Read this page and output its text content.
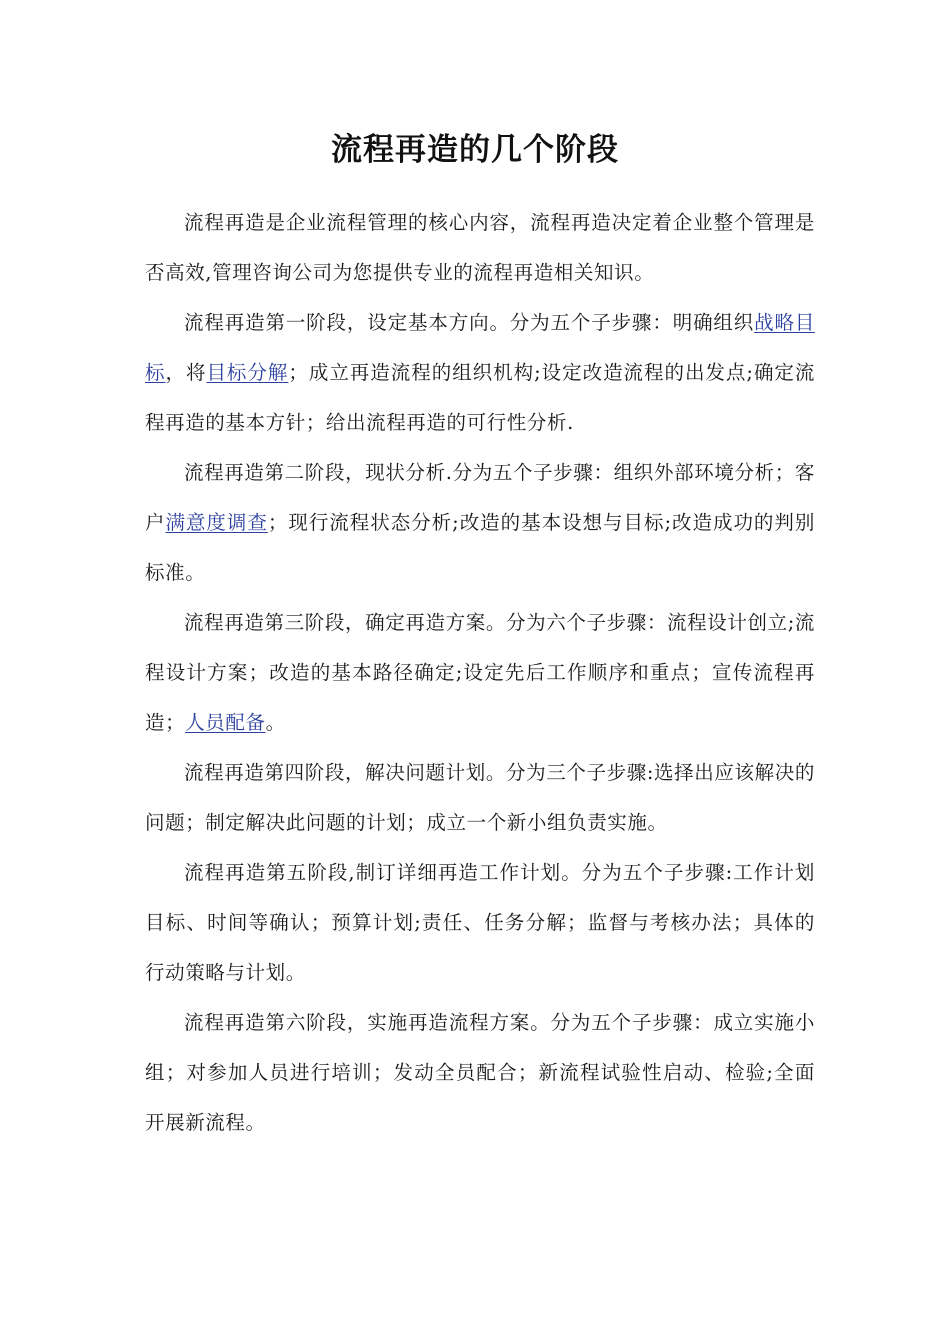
流程再造的几个阶段

流程再造是企业流程管理的核心内容，流程再造决定着企业整个管理是否高效,管理咨询公司为您提供专业的流程再造相关知识。

流程再造第一阶段，设定基本方向。分为五个子步骤：明确组织战略目标，将目标分解；成立再造流程的组织机构;设定改造流程的出发点;确定流程再造的基本方针；给出流程再造的可行性分析.

流程再造第二阶段，现状分析.分为五个子步骤：组织外部环境分析；客户满意度调查；现行流程状态分析;改造的基本设想与目标;改造成功的判别标准。

流程再造第三阶段，确定再造方案。分为六个子步骤：流程设计创立;流程设计方案；改造的基本路径确定;设定先后工作顺序和重点；宣传流程再造；人员配备。

流程再造第四阶段，解决问题计划。分为三个子步骤:选择出应该解决的问题；制定解决此问题的计划；成立一个新小组负责实施。

流程再造第五阶段,制订详细再造工作计划。分为五个子步骤:工作计划目标、时间等确认；预算计划;责任、任务分解；监督与考核办法；具体的行动策略与计划。

流程再造第六阶段，实施再造流程方案。分为五个子步骤：成立实施小组；对参加人员进行培训；发动全员配合；新流程试验性启动、检验;全面开展新流程。
